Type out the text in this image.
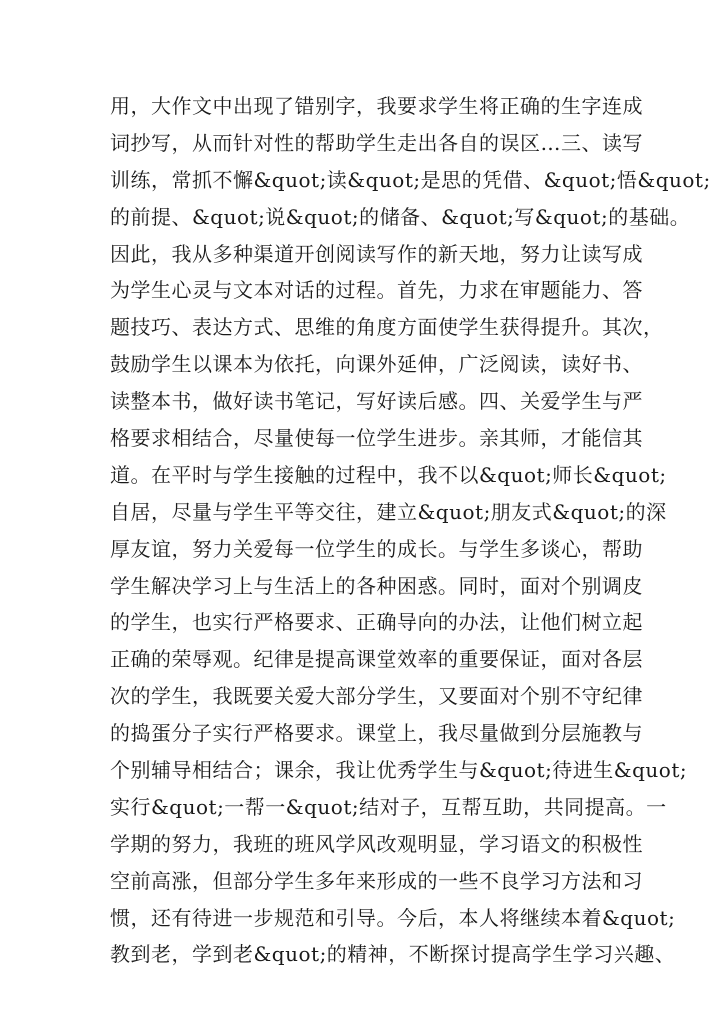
用，大作文中出现了错别字，我要求学生将正确的生字连成
词抄写，从而针对性的帮助学生走出各自的误区…三、读写
训练，常抓不懈&quot;读&quot;是思的凭借、&quot;悟&quot;
的前提、&quot;说&quot;的储备、&quot;写&quot;的基础。
因此，我从多种渠道开创阅读写作的新天地，努力让读写成
为学生心灵与文本对话的过程。首先，力求在审题能力、答
题技巧、表达方式、思维的角度方面使学生获得提升。其次，
鼓励学生以课本为依托，向课外延伸，广泛阅读，读好书、
读整本书，做好读书笔记，写好读后感。四、关爱学生与严
格要求相结合，尽量使每一位学生进步。亲其师，才能信其
道。在平时与学生接触的过程中，我不以&quot;师长&quot;
自居，尽量与学生平等交往，建立&quot;朋友式&quot;的深
厚友谊，努力关爱每一位学生的成长。与学生多谈心，帮助
学生解决学习上与生活上的各种困惑。同时，面对个别调皮
的学生，也实行严格要求、正确导向的办法，让他们树立起
正确的荣辱观。纪律是提高课堂效率的重要保证，面对各层
次的学生，我既要关爱大部分学生，又要面对个别不守纪律
的捣蛋分子实行严格要求。课堂上，我尽量做到分层施教与
个别辅导相结合；课余，我让优秀学生与&quot;待进生&quot;
实行&quot;一帮一&quot;结对子，互帮互助，共同提高。一
学期的努力，我班的班风学风改观明显，学习语文的积极性
空前高涨，但部分学生多年来形成的一些不良学习方法和习
惯，还有待进一步规范和引导。今后，本人将继续本着&quot;
教到老，学到老&quot;的精神，不断探讨提高学生学习兴趣、
